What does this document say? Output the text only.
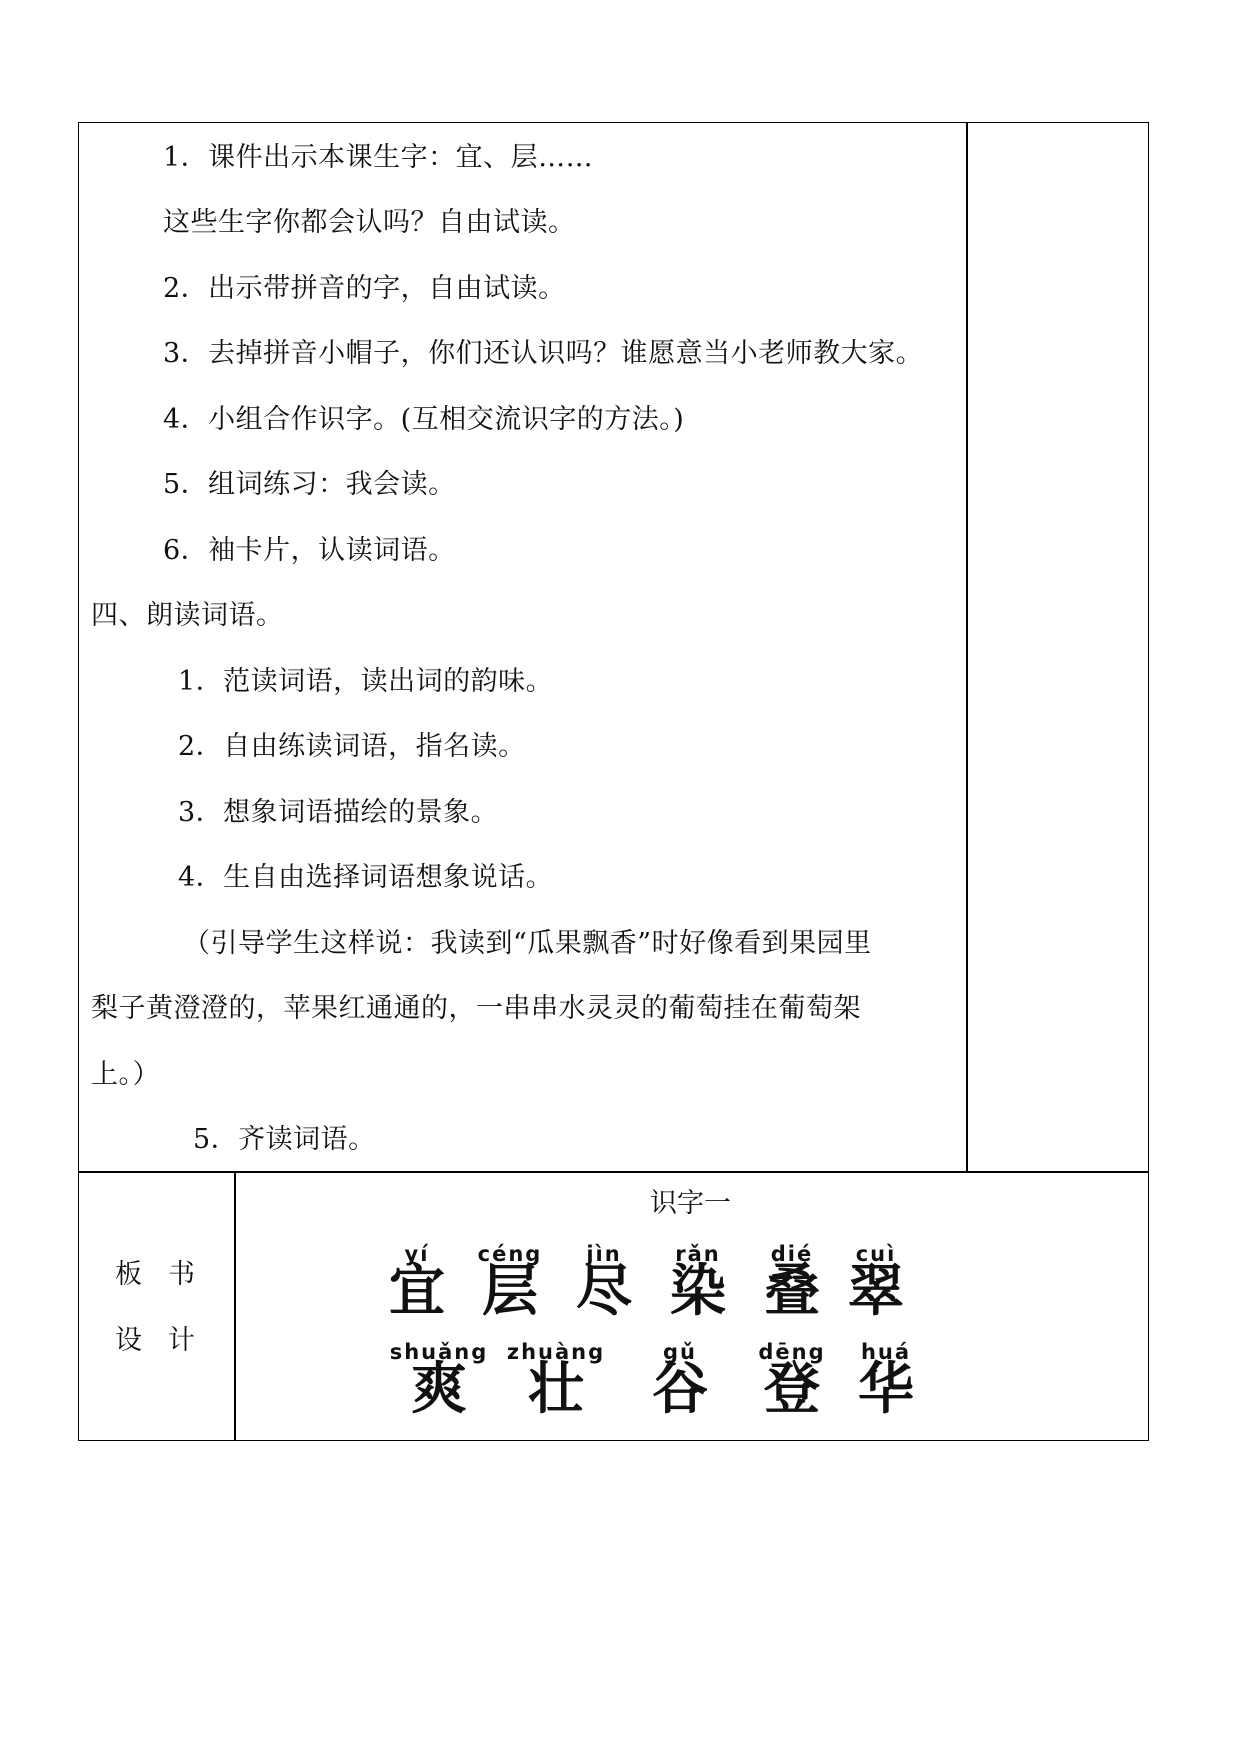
1．课件出示本课生字：宜、层……
这些生字你都会认吗？自由试读。
2．出示带拼音的字，自由试读。
3．去掉拼音小帽子，你们还认识吗？谁愿意当小老师教大家。
4．小组合作识字。(互相交流识字的方法。)
5．组词练习：我会读。
6．袖卡片，认读词语。
四、朗读词语。
1．范读词语，读出词的韵味。
2．自由练读词语，指名读。
3．想象词语描绘的景象。
4．生自由选择词语想象说话。
（引导学生这样说：我读到“瓜果飘香”时好像看到果园里
梨子黄澄澄的，苹果红通通的，一串串水灵灵的葡萄挂在葡萄架
上。）
5．齐读词语。
板书
设计
识字一
yí
宜
céng
层
jìn
尽
rǎn
染
dié
叠
cuì
翠
shuǎng
爽
zhuàng
壮
gǔ
谷
dēng
登
huá
华
